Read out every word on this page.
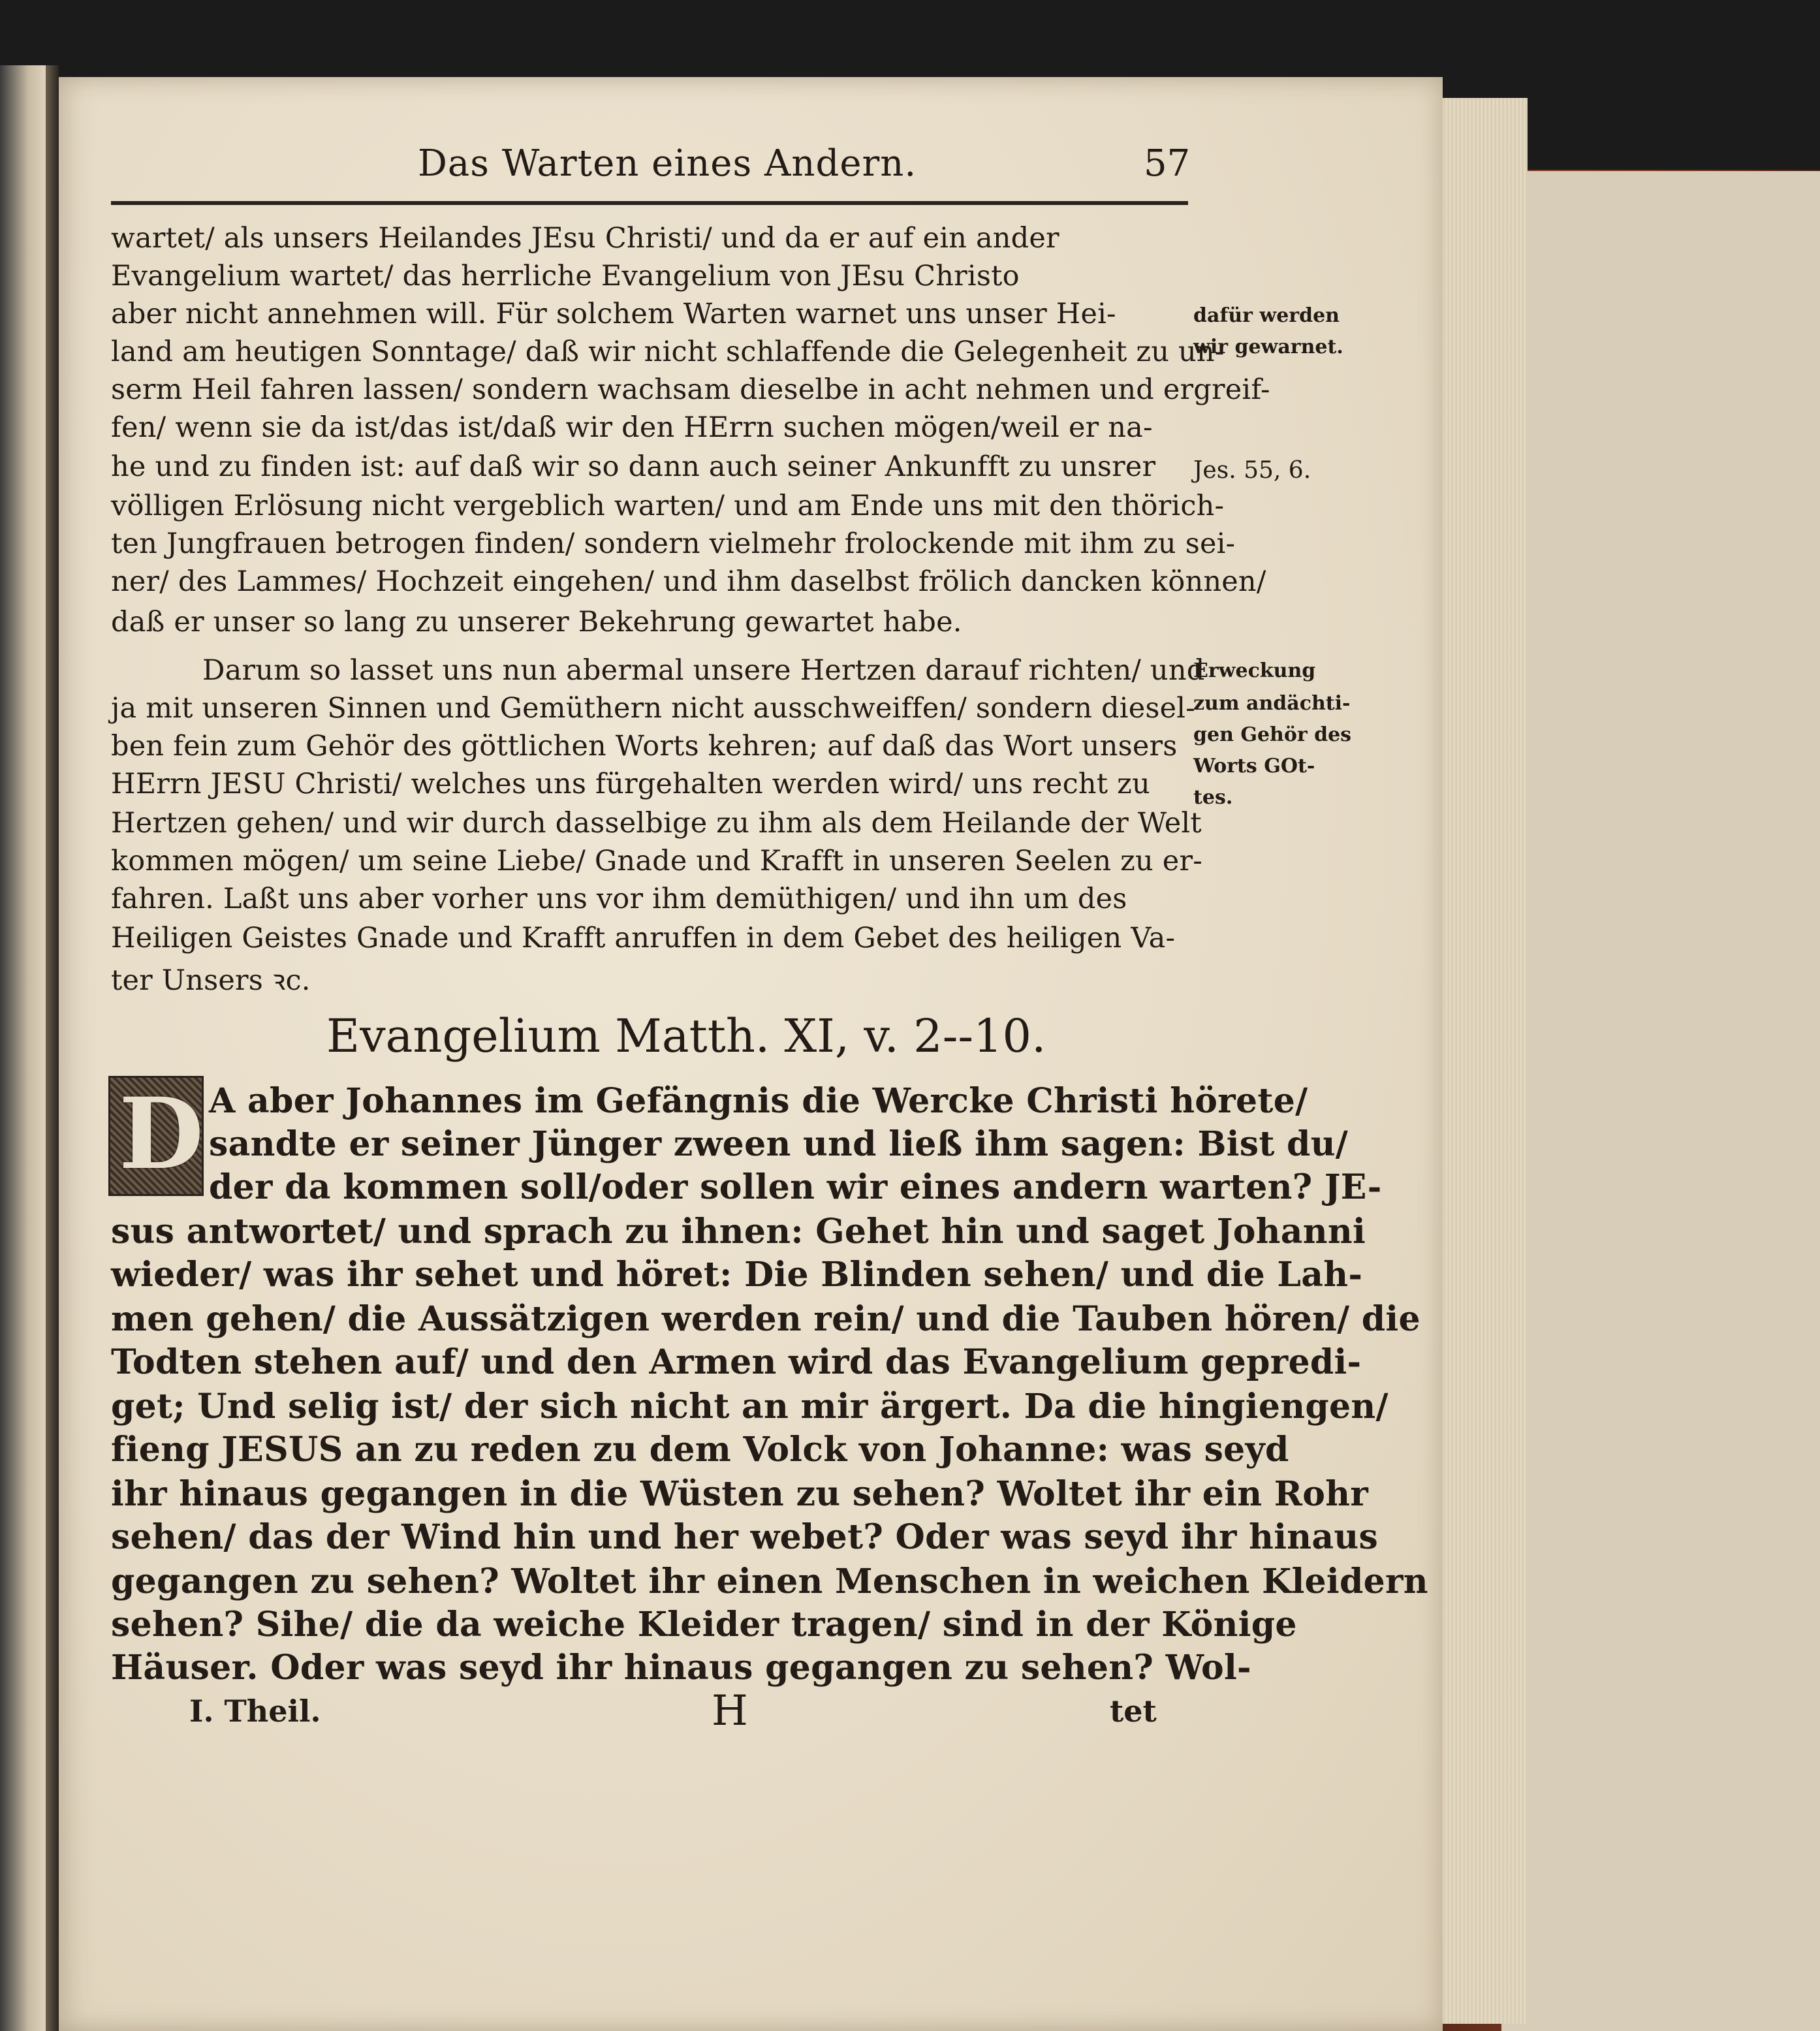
Das Warten eines Andern.	57
wartet/ als unsers Heilandes JEsu Christi/ und da er auf ein ander
Evangelium wartet/ das herrliche Evangelium von JEsu Christo
aber nicht annehmen will. Für solchem Warten warnet uns unser Hei-
land am heutigen Sonntage/ daß wir nicht schlaffende die Gelegenheit zu un-
serm Heil fahren lassen/ sondern wachsam dieselbe in acht nehmen und ergreif-
fen/ wenn sie da ist/das ist/daß wir den HErrn suchen mögen/weil er na-
he und zu finden ist: auf daß wir so dann auch seiner Ankunfft zu unsrer
völligen Erlösung nicht vergeblich warten/ und am Ende uns mit den thörich-
ten Jungfrauen betrogen finden/ sondern vielmehr frolockende mit ihm zu sei-
ner/ des Lammes/ Hochzeit eingehen/ und ihm daselbst frölich dancken können/
daß er unser so lang zu unserer Bekehrung gewartet habe.
Darum so lasset uns nun abermal unsere Hertzen darauf richten/ und
ja mit unseren Sinnen und Gemüthern nicht ausschweiffen/ sondern diesel-
ben fein zum Gehör des göttlichen Worts kehren; auf daß das Wort unsers
HErrn JESU Christi/ welches uns fürgehalten werden wird/ uns recht zu
Hertzen gehen/ und wir durch dasselbige zu ihm als dem Heilande der Welt
kommen mögen/ um seine Liebe/ Gnade und Krafft in unseren Seelen zu er-
fahren. Laßt uns aber vorher uns vor ihm demüthigen/ und ihn um des
Heiligen Geistes Gnade und Krafft anruffen in dem Gebet des heiligen Va-
ter Unsers ꝛc.
dafür werden
wir gewarnet.
Jes. 55, 6.
Erweckung
zum andächti-
gen Gehör des
Worts GOt-
tes.
Evangelium Matth. XI, v. 2--10.
D A aber Johannes im Gefängnis die Wercke Christi hörete/
sandte er seiner Jünger zween und ließ ihm sagen: Bist du/
der da kommen soll/oder sollen wir eines andern warten? JE-
sus antwortet/ und sprach zu ihnen: Gehet hin und saget Johanni
wieder/ was ihr sehet und höret: Die Blinden sehen/ und die Lah-
men gehen/ die Aussätzigen werden rein/ und die Tauben hören/ die
Todten stehen auf/ und den Armen wird das Evangelium gepredi-
get; Und selig ist/ der sich nicht an mir ärgert. Da die hingiengen/
fieng JESUS an zu reden zu dem Volck von Johanne: was seyd
ihr hinaus gegangen in die Wüsten zu sehen? Woltet ihr ein Rohr
sehen/ das der Wind hin und her webet? Oder was seyd ihr hinaus
gegangen zu sehen? Woltet ihr einen Menschen in weichen Kleidern
sehen? Sihe/ die da weiche Kleider tragen/ sind in der Könige
Häuser. Oder was seyd ihr hinaus gegangen zu sehen? Wol-
I. Theil.	H	tet
